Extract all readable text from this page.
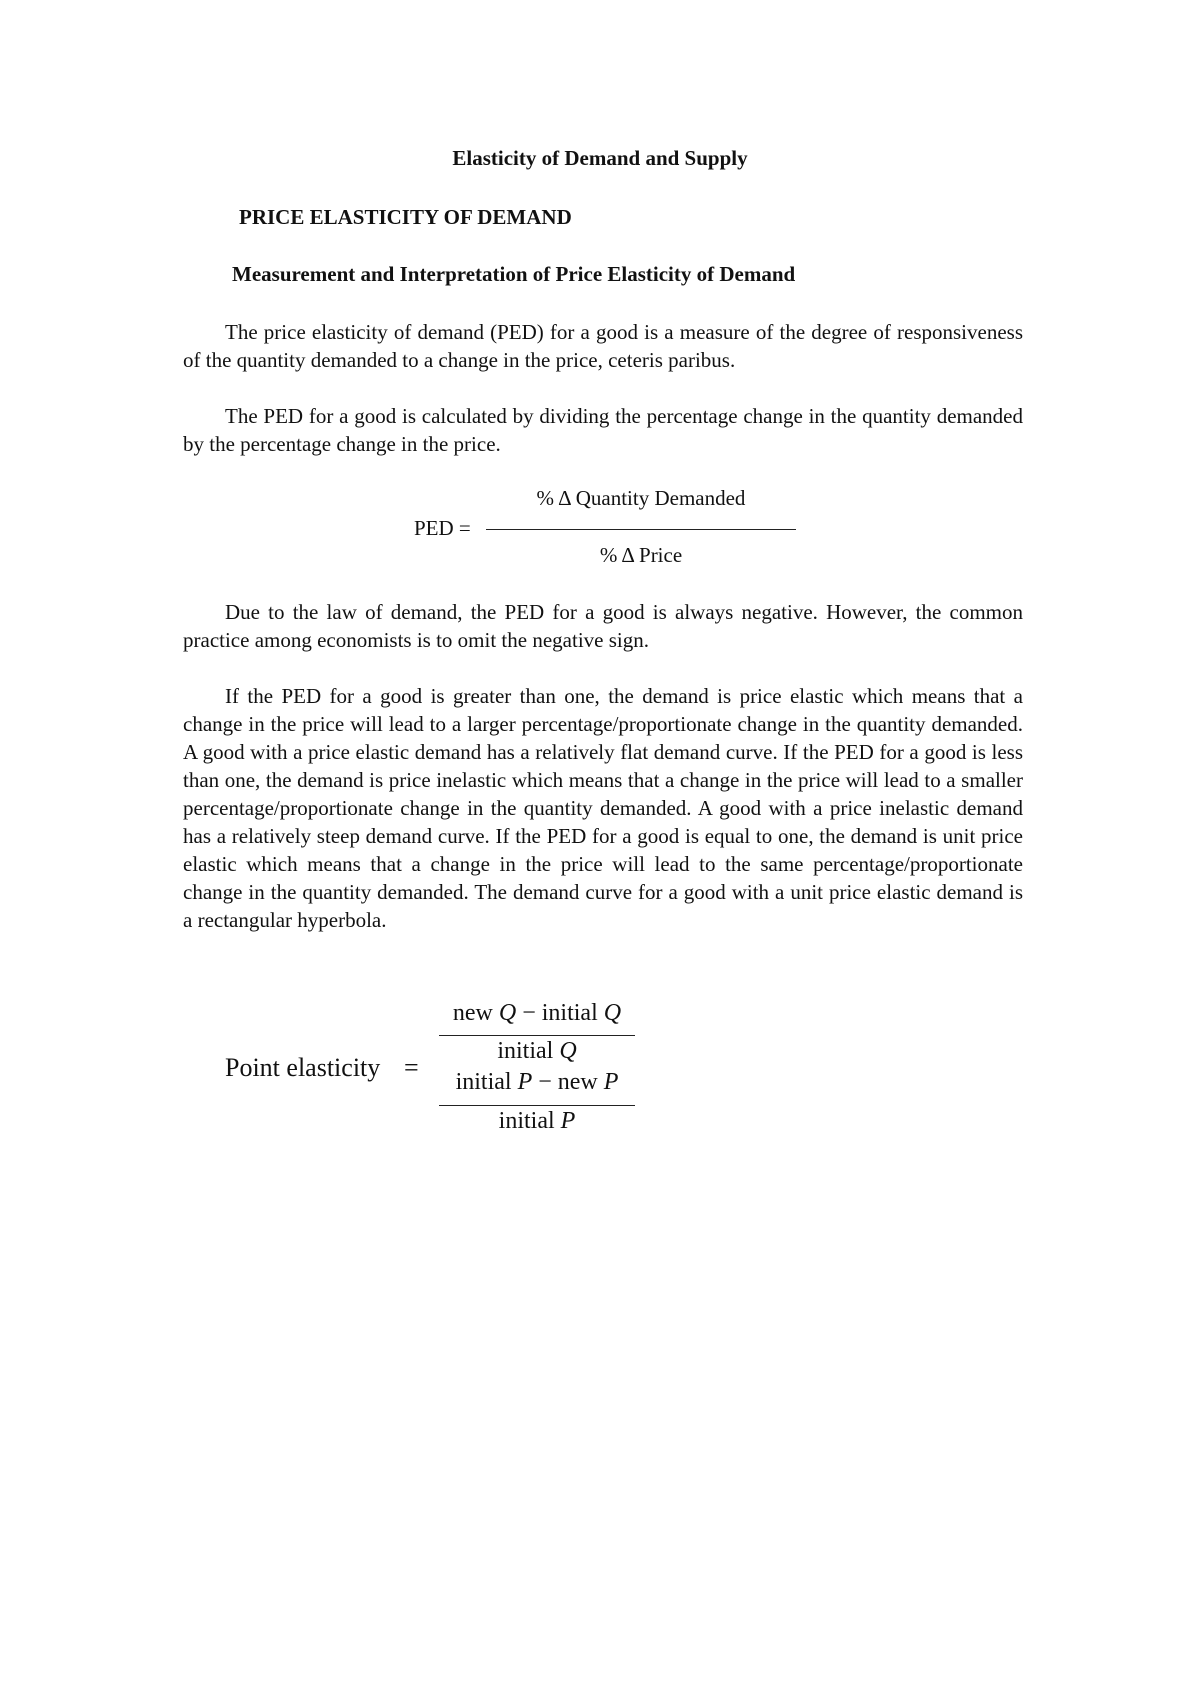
Elasticity of Demand and Supply
PRICE ELASTICITY OF DEMAND
Measurement and Interpretation of Price Elasticity of Demand

The price elasticity of demand (PED) for a good is a measure of the degree of responsiveness of the quantity demanded to a change in the price, ceteris paribus.

The PED for a good is calculated by dividing the percentage change in the quantity demanded by the percentage change in the price.

PED =
% Δ Quantity Demanded
% Δ Price

Due to the law of demand, the PED for a good is always negative. However, the common practice among economists is to omit the negative sign.

If the PED for a good is greater than one, the demand is price elastic which means that a change in the price will lead to a larger percentage/proportionate change in the quantity demanded. A good with a price elastic demand has a relatively flat demand curve. If the PED for a good is less than one, the demand is price inelastic which means that a change in the price will lead to a smaller percentage/proportionate change in the quantity demanded. A good with a price inelastic demand has a relatively steep demand curve. If the PED for a good is equal to one, the demand is unit price elastic which means that a change in the price will lead to the same percentage/proportionate change in the quantity demanded. The demand curve for a good with a unit price elastic demand is a rectangular hyperbola.

Point elasticity =
new Q − initial Q
initial Q
initial P − new P
initial P
